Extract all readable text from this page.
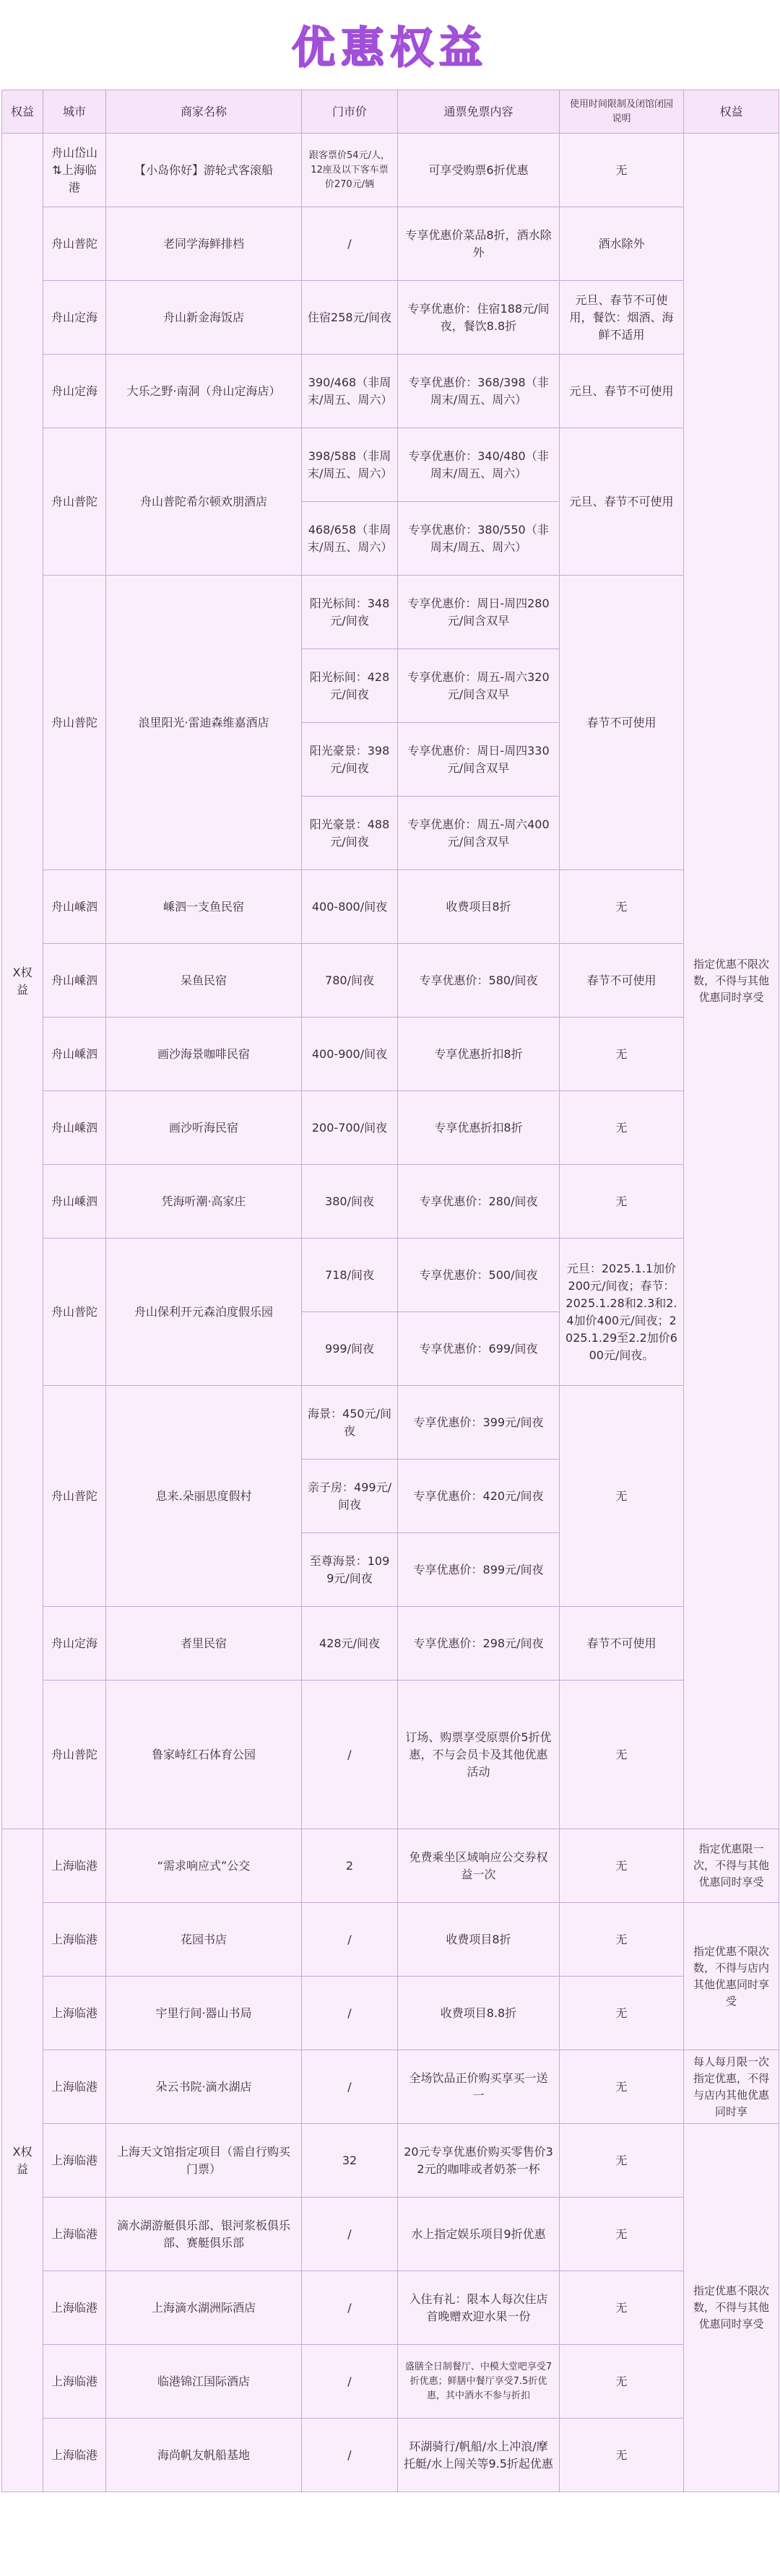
优惠权益
权益	城市	商家名称	门市价	通票免票内容	使用时间限制及闭馆闭园说明	权益
X权益	舟山岱山⇅上海临港	【小岛你好】游轮式客滚船	跟客票价54元/人，12座及以下客车票价270元/辆	可享受购票6折优惠	无	指定优惠不限次数，不得与其他优惠同时享受
	舟山普陀	老同学海鲜排档	/	专享优惠价菜品8折，酒水除外	酒水除外	
	舟山定海	舟山新金海饭店	住宿258元/间夜	专享优惠价：住宿188元/间夜，餐饮8.8折	元旦、春节不可使用，餐饮：烟酒、海鲜不适用	
	舟山定海	大乐之野·南洞（舟山定海店）	390/468（非周末/周五、周六）	专享优惠价：368/398（非周末/周五、周六）	元旦、春节不可使用	
	舟山普陀	舟山普陀希尔顿欢朋酒店	398/588（非周末/周五、周六）	专享优惠价：340/480（非周末/周五、周六）	元旦、春节不可使用	
			468/658（非周末/周五、周六）	专享优惠价：380/550（非周末/周五、周六）		
	舟山普陀	浪里阳光·雷迪森维嘉酒店	阳光标间：348元/间夜	专享优惠价：周日-周四280元/间含双早	春节不可使用	
			阳光标间：428元/间夜	专享优惠价：周五-周六320元/间含双早		
			阳光豪景：398元/间夜	专享优惠价：周日-周四330元/间含双早		
			阳光豪景：488元/间夜	专享优惠价：周五-周六400元/间含双早		
	舟山嵊泗	嵊泗一支鱼民宿	400-800/间夜	收费项目8折	无	
	舟山嵊泗	呆鱼民宿	780/间夜	专享优惠价：580/间夜	春节不可使用	
	舟山嵊泗	画沙海景咖啡民宿	400-900/间夜	专享优惠折扣8折	无	
	舟山嵊泗	画沙听海民宿	200-700/间夜	专享优惠折扣8折	无	
	舟山嵊泗	凭海听潮·高家庄	380/间夜	专享优惠价：280/间夜	无	
	舟山普陀	舟山保利开元森泊度假乐园	718/间夜	专享优惠价：500/间夜	元旦：2025.1.1加价200元/间夜；春节：2025.1.28和2.3和2.4加价400元/间夜；2025.1.29至2.2加价600元/间夜。	
			999/间夜	专享优惠价：699/间夜		
	舟山普陀	息来.朵丽思度假村	海景：450元/间夜	专享优惠价：399元/间夜	无	
			亲子房：499元/间夜	专享优惠价：420元/间夜		
			至尊海景：1099元/间夜	专享优惠价：899元/间夜		
	舟山定海	者里民宿	428元/间夜	专享优惠价：298元/间夜	春节不可使用	
	舟山普陀	鲁家峙红石体育公园	/	订场、购票享受原票价5折优惠，不与会员卡及其他优惠活动	无	
X权益	上海临港	“需求响应式”公交	2	免费乘坐区域响应公交券权益一次	无	指定优惠限一次，不得与其他优惠同时享受
	上海临港	花园书店	/	收费项目8折	无	指定优惠不限次数，不得与店内其他优惠同时享受
	上海临港	宇里行间·器山书局	/	收费项目8.8折	无	
	上海临港	朵云书院·滴水湖店	/	全场饮品正价购买享买一送一	无	每人每月限一次指定优惠，不得与店内其他优惠同时享
	上海临港	上海天文馆指定项目（需自行购买门票）	32	20元专享优惠价购买零售价32元的咖啡或者奶茶一杯	无	指定优惠不限次数，不得与其他优惠同时享受
	上海临港	滴水湖游艇俱乐部、银河浆板俱乐部、赛艇俱乐部	/	水上指定娱乐项目9折优惠	无	
	上海临港	上海滴水湖洲际酒店	/	入住有礼：限本人每次住店首晚赠欢迎水果一份	无	
	上海临港	临港锦江国际酒店	/	盛膳全日制餐厅、中模大堂吧享受7折优惠；鲜膳中餐厅享受7.5折优惠，其中酒水不参与折扣	无	
	上海临港	海尚帆友帆船基地	/	环湖骑行/帆船/水上冲浪/摩托艇/水上闯关等9.5折起优惠	无	
